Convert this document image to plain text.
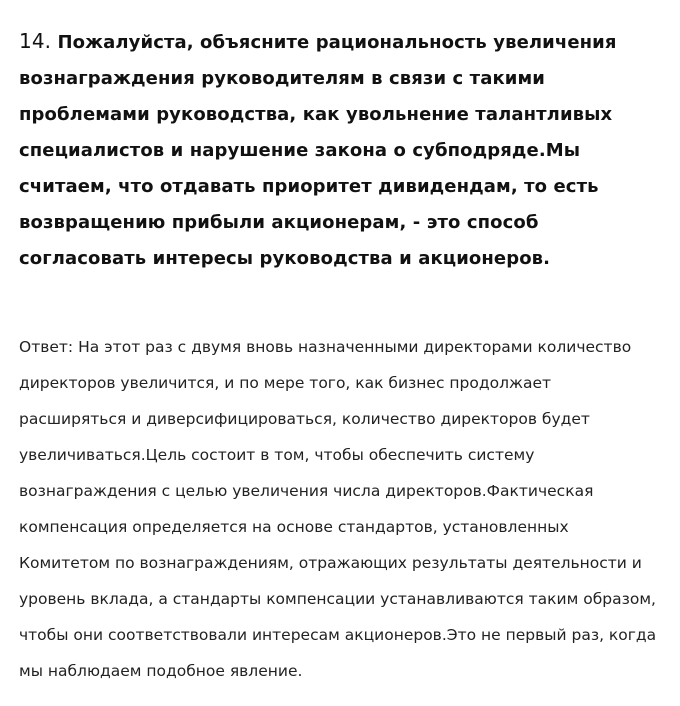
14. Пожалуйста, объясните рациональность увеличения вознаграждения руководителям в связи с такими проблемами руководства, как увольнение талантливых специалистов и нарушение закона о субподряде.Мы считаем, что отдавать приоритет дивидендам, то есть возвращению прибыли акционерам, - это способ согласовать интересы руководства и акционеров.

Ответ: На этот раз с двумя вновь назначенными директорами количество директоров увеличится, и по мере того, как бизнес продолжает расширяться и диверсифицироваться, количество директоров будет увеличиваться.Цель состоит в том, чтобы обеспечить систему вознаграждения с целью увеличения числа директоров.Фактическая компенсация определяется на основе стандартов, установленных Комитетом по вознаграждениям, отражающих результаты деятельности и уровень вклада, а стандарты компенсации устанавливаются таким образом, чтобы они соответствовали интересам акционеров.Это не первый раз, когда мы наблюдаем подобное явление.
